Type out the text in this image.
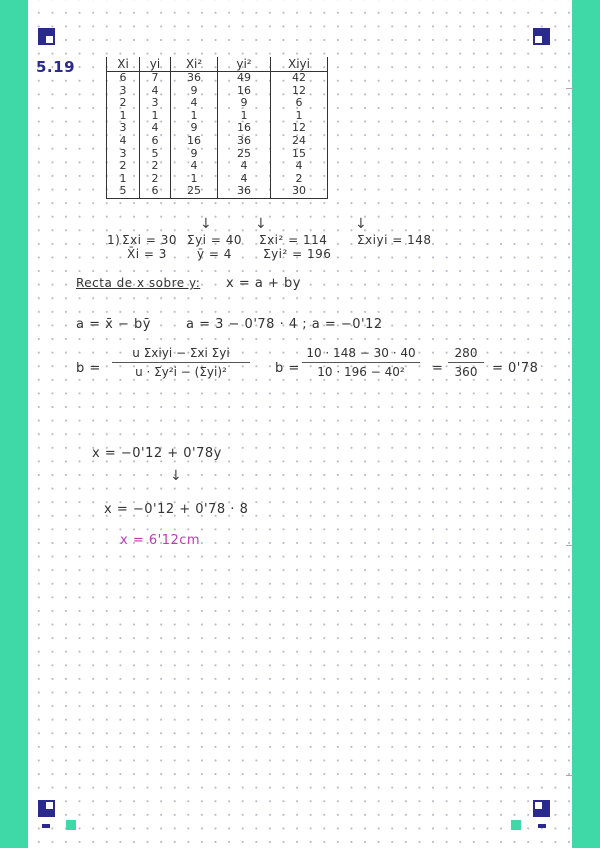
5.19	Xi	yi	Xi²	yi²	Xiyi
6	7	36	49	42
3	4	9	16	12
2	3	4	9	6
1	1	1	1	1
3	4	9	16	12
4	6	16	36	24
3	5	9	25	15
2	2	4	4	4
1	2	1	4	2
5	6	25	36	30
1) Σxi = 30 Σyi = 40 Σxi² = 114 Σxiyi = 148
X̄i = 3	ȳ = 4	Σyi² = 196
↓	↓	↓
Recta de x sobre y: x = a + by
a = x̄ − bȳ	a = 3 − 0'78 · 4 ; a = −0'12
b =
u Σxiyi − Σxi Σyi
u · Σy²i − (Σyi)²	b =
10 · 148 − 30 · 40
10 · 196 − 40²	=
280
360	= 0'78
x = −0'12 + 0'78y
↓
x = −0'12 + 0'78 · 8
x = 6'12cm
